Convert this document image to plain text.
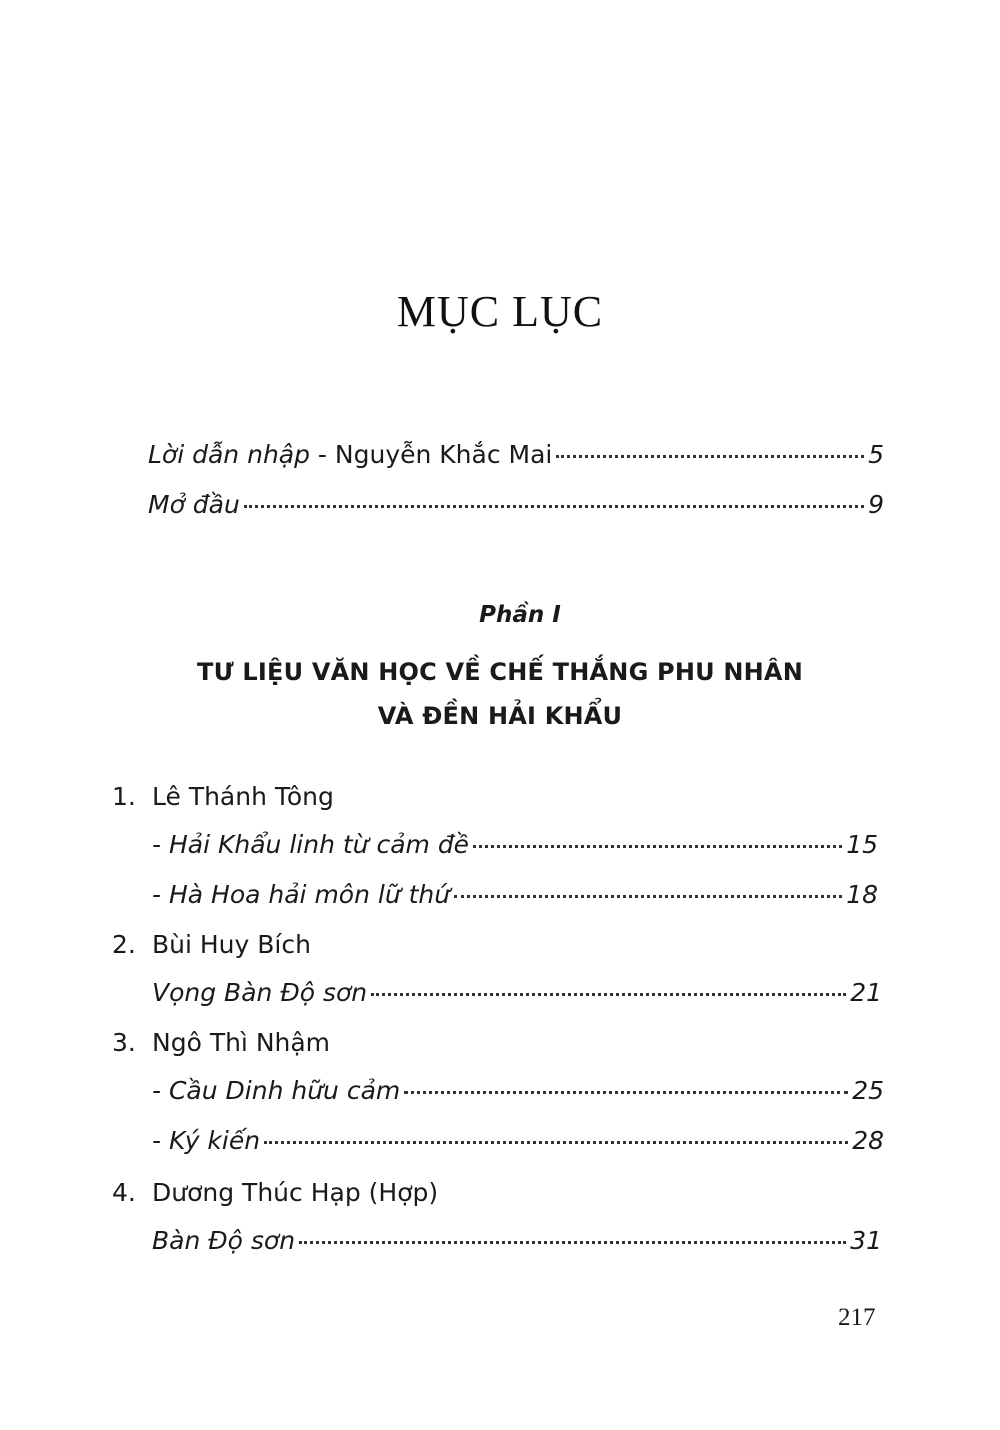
MỤC LỤC
Lời dẫn nhập - Nguyễn Khắc Mai	5
Mở đầu	9
Phần I
TƯ LIỆU VĂN HỌC VỀ CHẾ THẮNG PHU NHÂN
VÀ ĐỀN HẢI KHẨU
1. Lê Thánh Tông
- Hải Khẩu linh từ cảm đề	15
- Hà Hoa hải môn lữ thứ	18
2. Bùi Huy Bích
Vọng Bàn Độ sơn	21
3. Ngô Thì Nhậm
- Cầu Dinh hữu cảm	25
- Ký kiến	28
4. Dương Thúc Hạp (Hợp)
Bàn Độ sơn	31
217
